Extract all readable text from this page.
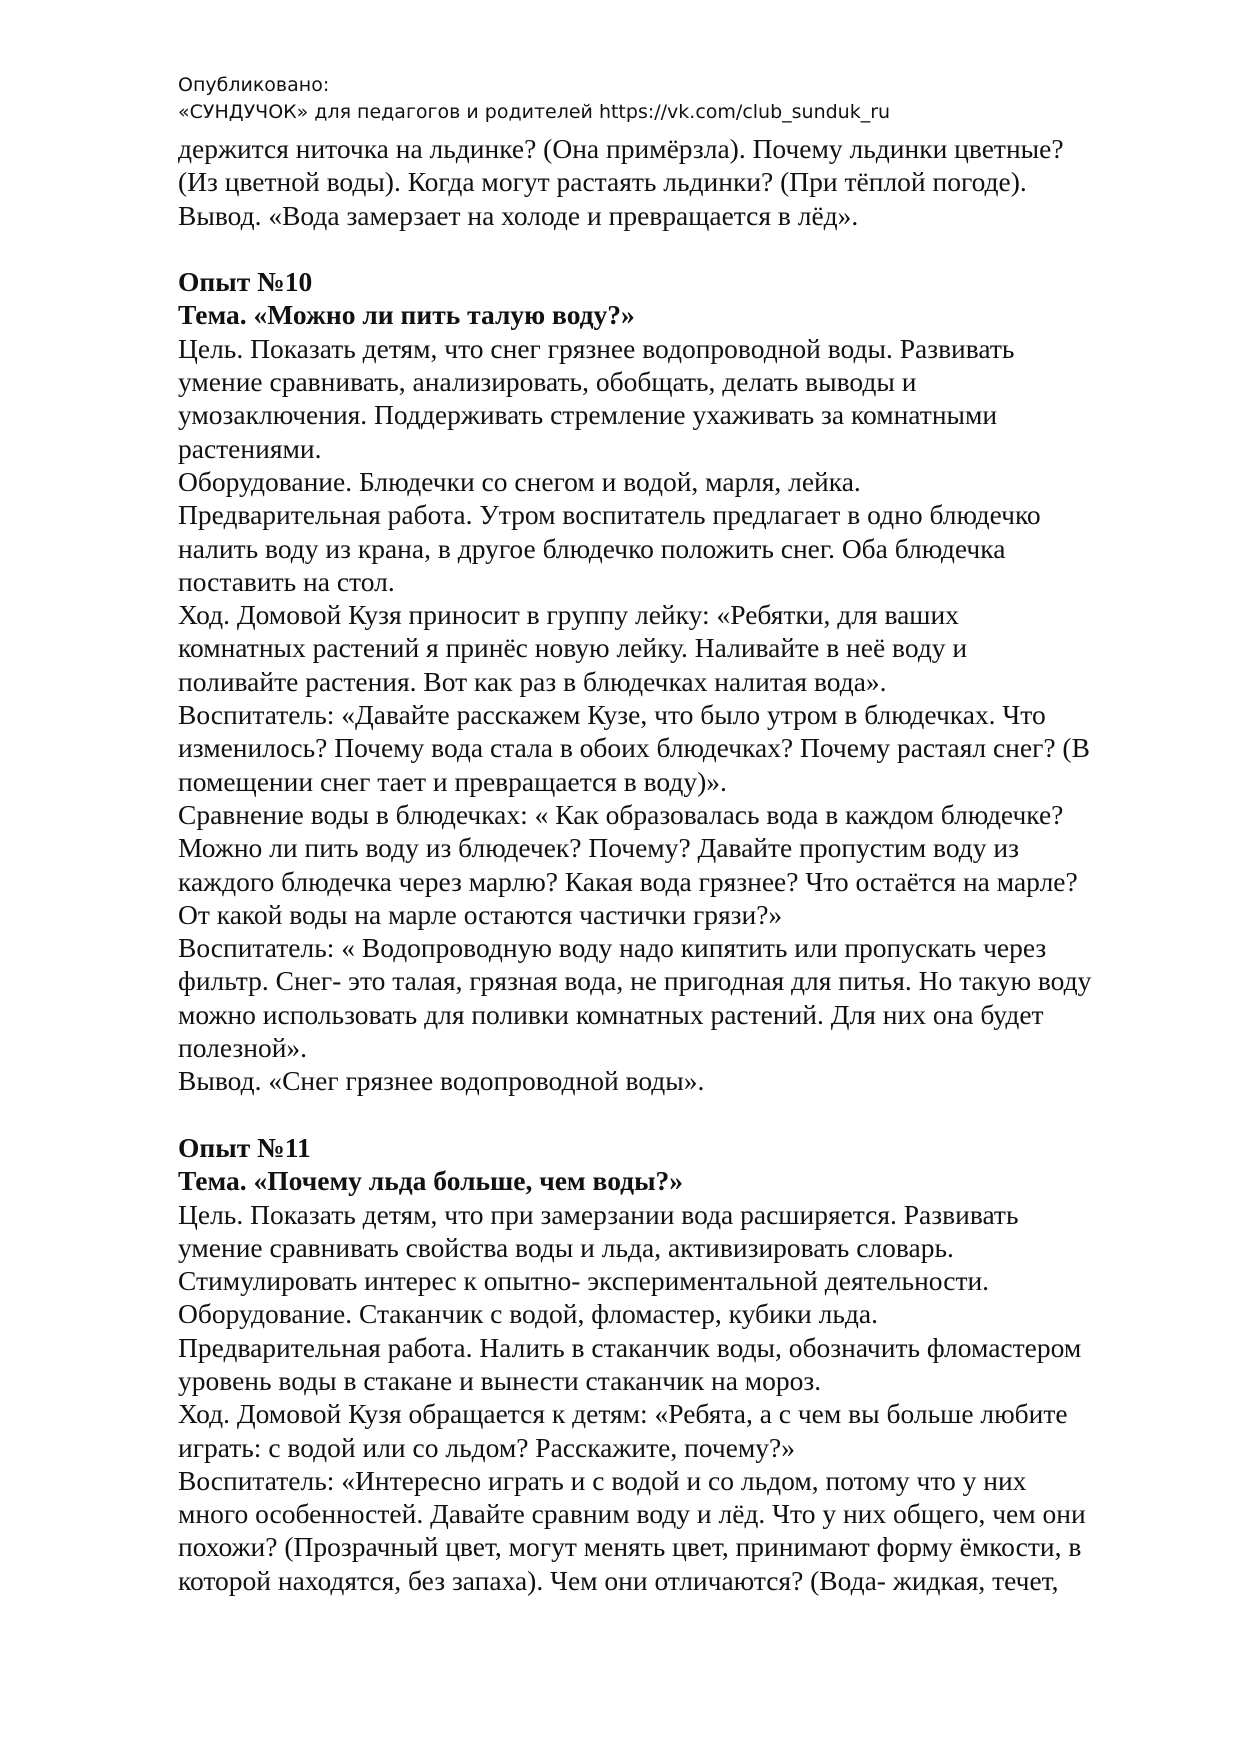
Опубликовано:
«СУНДУЧОК» для педагогов и родителей https://vk.com/club_sunduk_ru

держится ниточка на льдинке? (Она примёрзла). Почему льдинки цветные?

(Из цветной воды). Когда могут растаять льдинки? (При тёплой погоде).

Вывод. «Вода замерзает на холоде и превращается в лёд».

Опыт №10

Тема. «Можно ли пить талую воду?»

Цель. Показать детям, что снег грязнее водопроводной воды. Развивать

умение сравнивать, анализировать, обобщать, делать выводы и

умозаключения. Поддерживать стремление ухаживать за комнатными

растениями.

Оборудование. Блюдечки со снегом и водой, марля, лейка.

Предварительная работа. Утром воспитатель предлагает в одно блюдечко

налить воду из крана, в другое блюдечко положить снег. Оба блюдечка

поставить на стол.

Ход. Домовой Кузя приносит в группу лейку: «Ребятки, для ваших

комнатных растений я принёс новую лейку. Наливайте в неё воду и

поливайте растения. Вот как раз в блюдечках налитая вода».

Воспитатель: «Давайте расскажем Кузе, что было утром в блюдечках. Что

изменилось? Почему вода стала в обоих блюдечках? Почему растаял снег? (В

помещении снег тает и превращается в воду)».

Сравнение воды в блюдечках: « Как образовалась вода в каждом блюдечке?

Можно ли пить воду из блюдечек? Почему? Давайте пропустим воду из

каждого блюдечка через марлю? Какая вода грязнее? Что остаётся на марле?

От какой воды на марле остаются частички грязи?»

Воспитатель: « Водопроводную воду надо кипятить или пропускать через

фильтр. Снег- это талая, грязная вода, не пригодная для питья. Но такую воду

можно использовать для поливки комнатных растений. Для них она будет

полезной».

Вывод. «Снег грязнее водопроводной воды».

Опыт №11

Тема. «Почему льда больше, чем воды?»

Цель. Показать детям, что при замерзании вода расширяется. Развивать

умение сравнивать свойства воды и льда, активизировать словарь.

Стимулировать интерес к опытно- экспериментальной деятельности.

Оборудование. Стаканчик с водой, фломастер, кубики льда.

Предварительная работа. Налить в стаканчик воды, обозначить фломастером

уровень воды в стакане и вынести стаканчик на мороз.

Ход. Домовой Кузя обращается к детям: «Ребята, а с чем вы больше любите

играть: с водой или со льдом? Расскажите, почему?»

Воспитатель: «Интересно играть и с водой и со льдом, потому что у них

много особенностей. Давайте сравним воду и лёд. Что у них общего, чем они

похожи? (Прозрачный цвет, могут менять цвет, принимают форму ёмкости, в

которой находятся, без запаха). Чем они отличаются? (Вода- жидкая, течет,
